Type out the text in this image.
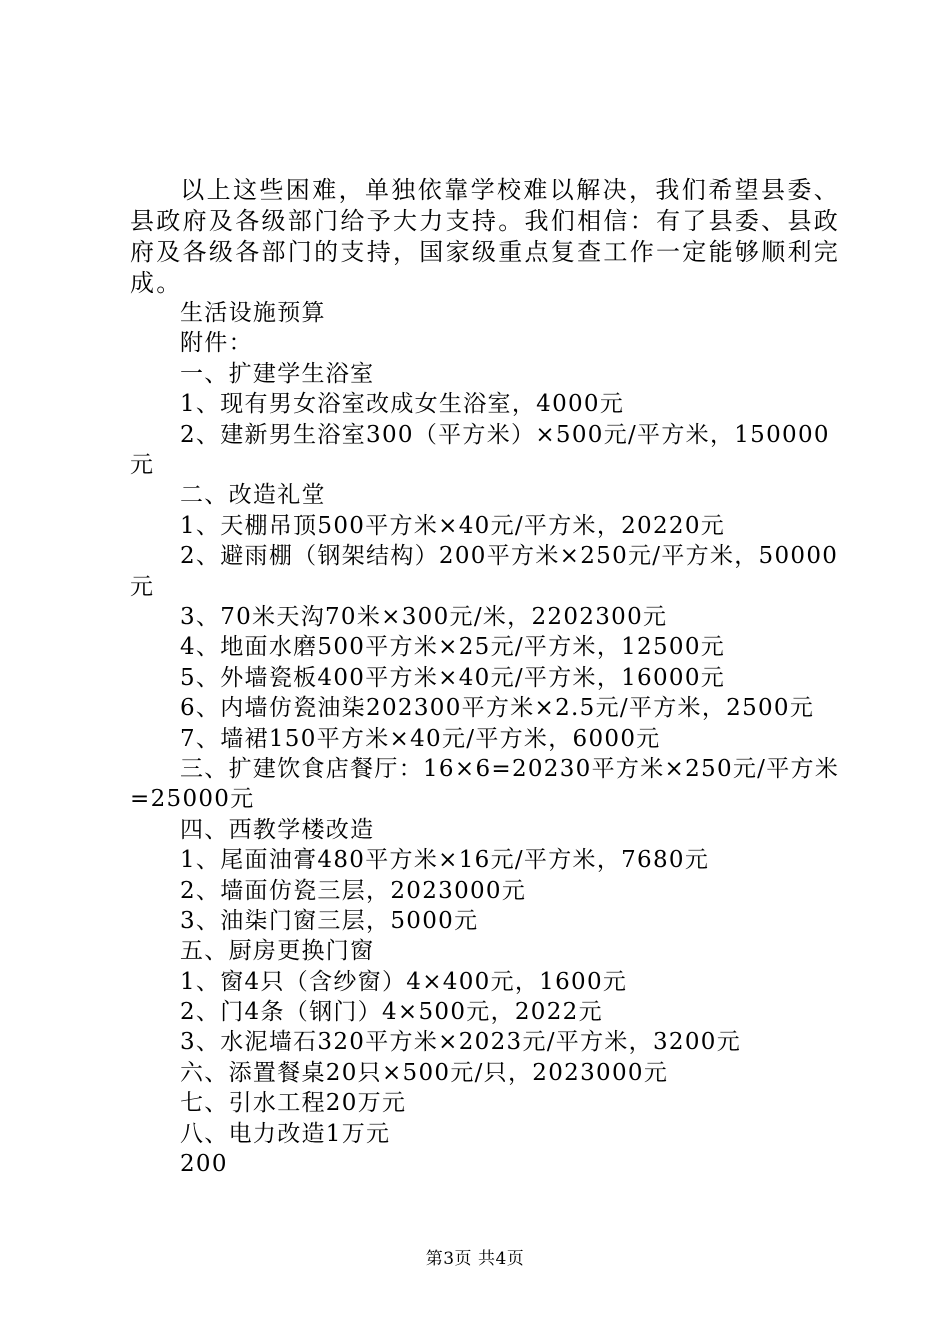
以上这些困难，单独依靠学校难以解决，我们希望县委、县政府及各级部门给予大力支持。我们相信：有了县委、县政府及各级各部门的支持，国家级重点复查工作一定能够顺利完成。

生活设施预算
附件：
一、扩建学生浴室
1、现有男女浴室改成女生浴室，4000元
2、建新男生浴室300（平方米）×500元/平方米，150000元
二、改造礼堂
1、天棚吊顶500平方米×40元/平方米，20220元
2、避雨棚（钢架结构）200平方米×250元/平方米，50000元
3、70米天沟70米×300元/米，2202300元
4、地面水磨500平方米×25元/平方米，12500元
5、外墙瓷板400平方米×40元/平方米，16000元
6、内墙仿瓷油柒202300平方米×2.5元/平方米，2500元
7、墙裙150平方米×40元/平方米，6000元
三、扩建饮食店餐厅：16×6=20230平方米×250元/平方米=25000元
四、西教学楼改造
1、尾面油膏480平方米×16元/平方米，7680元
2、墙面仿瓷三层，2023000元
3、油柒门窗三层，5000元
五、厨房更换门窗
1、窗4只（含纱窗）4×400元，1600元
2、门4条（钢门）4×500元，2022元
3、水泥墙石320平方米×2023元/平方米，3200元
六、添置餐桌20只×500元/只，2023000元
七、引水工程20万元
八、电力改造1万元
200
第3页 共4页
